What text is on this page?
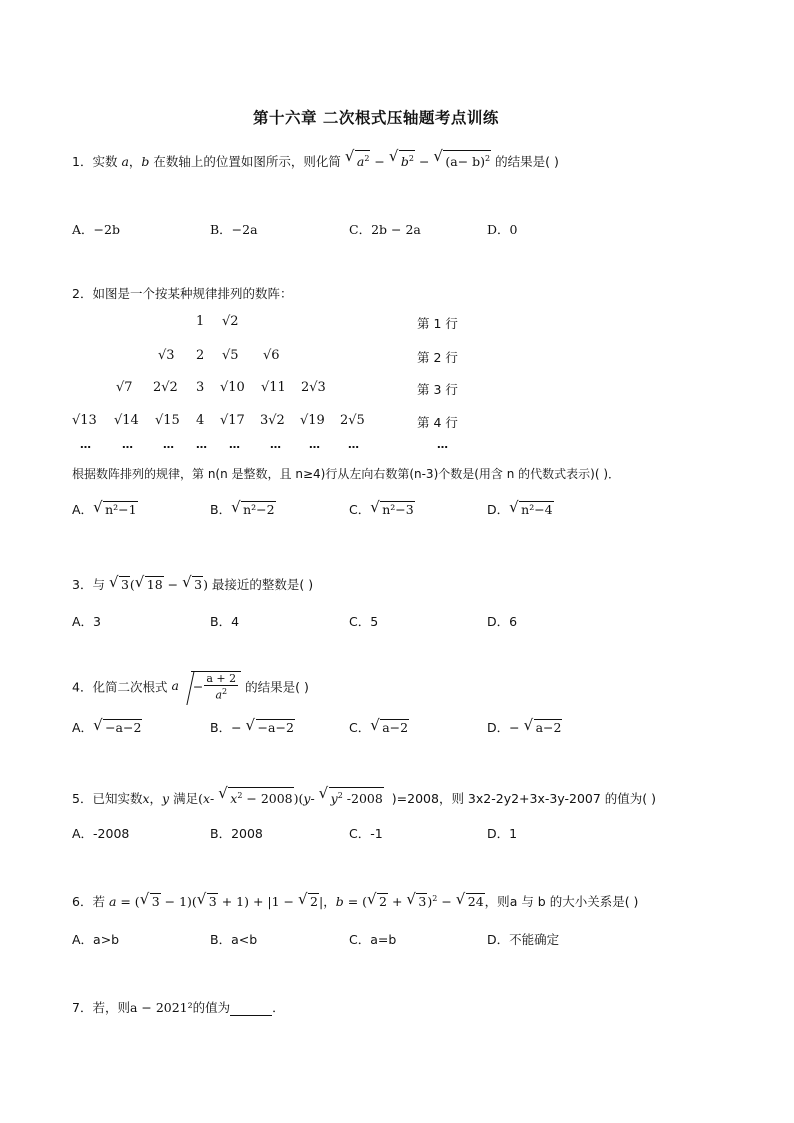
第十六章 二次根式压轴题考点训练
1．实数 a，b 在数轴上的位置如图所示，则化简 √ $a^2$ − √ $b^2$ − √ $(a- b)^2$ 的结果是( )
A．−2b	B．−2a	C．2b − 2a	D．0
2．如图是一个按某种规律排列的数阵：
1 √2
√3 2 √5 √6
√7 2√2 3 √10 √11 2√3
√13 √14 √15 4 √17 3√2 √19 2√5
第 1 行
第 2 行
第 3 行
第 4 行
…	…	… … …	… … …	…
根据数阵排列的规律，第 n(n 是整数，且 n≥4)行从左向右数第(n-3)个数是(用含 n 的代数式表示)( )．
A． √ n²−1	B． √ n²−2	C． √ n²−3	D． √ n²−4
3．与 √ 3( √ 18 − √ 3) 最接近的整数是( )
A．3	B．4	C．5	D．6
4．化简二次根式 $a - \frac{a + 2}{a^2}$ 的结果是( )
A． √ −a−2	B．− √ −a−2	C． √ a−2	D．− √ a−2
5．已知实数x，y 满足(x- √ $x^2 - 2008)(y-$ √ $y^2$ -2008 )=2008，则 3x2-2y2+3x-3y-2007 的值为( )
A．-2008	B．2008	C．-1	D．1
6．若 a = ( √ 3 − 1)( √ 3 + 1) + |1 − √ 2|，b = ( √ 2 + √ 3)$^2$ − √ 24，则a 与 b 的大小关系是( )
A．a>b	B．a<b	C．a=b	D．不能确定
7．若，则a − 2021²的值为	．
